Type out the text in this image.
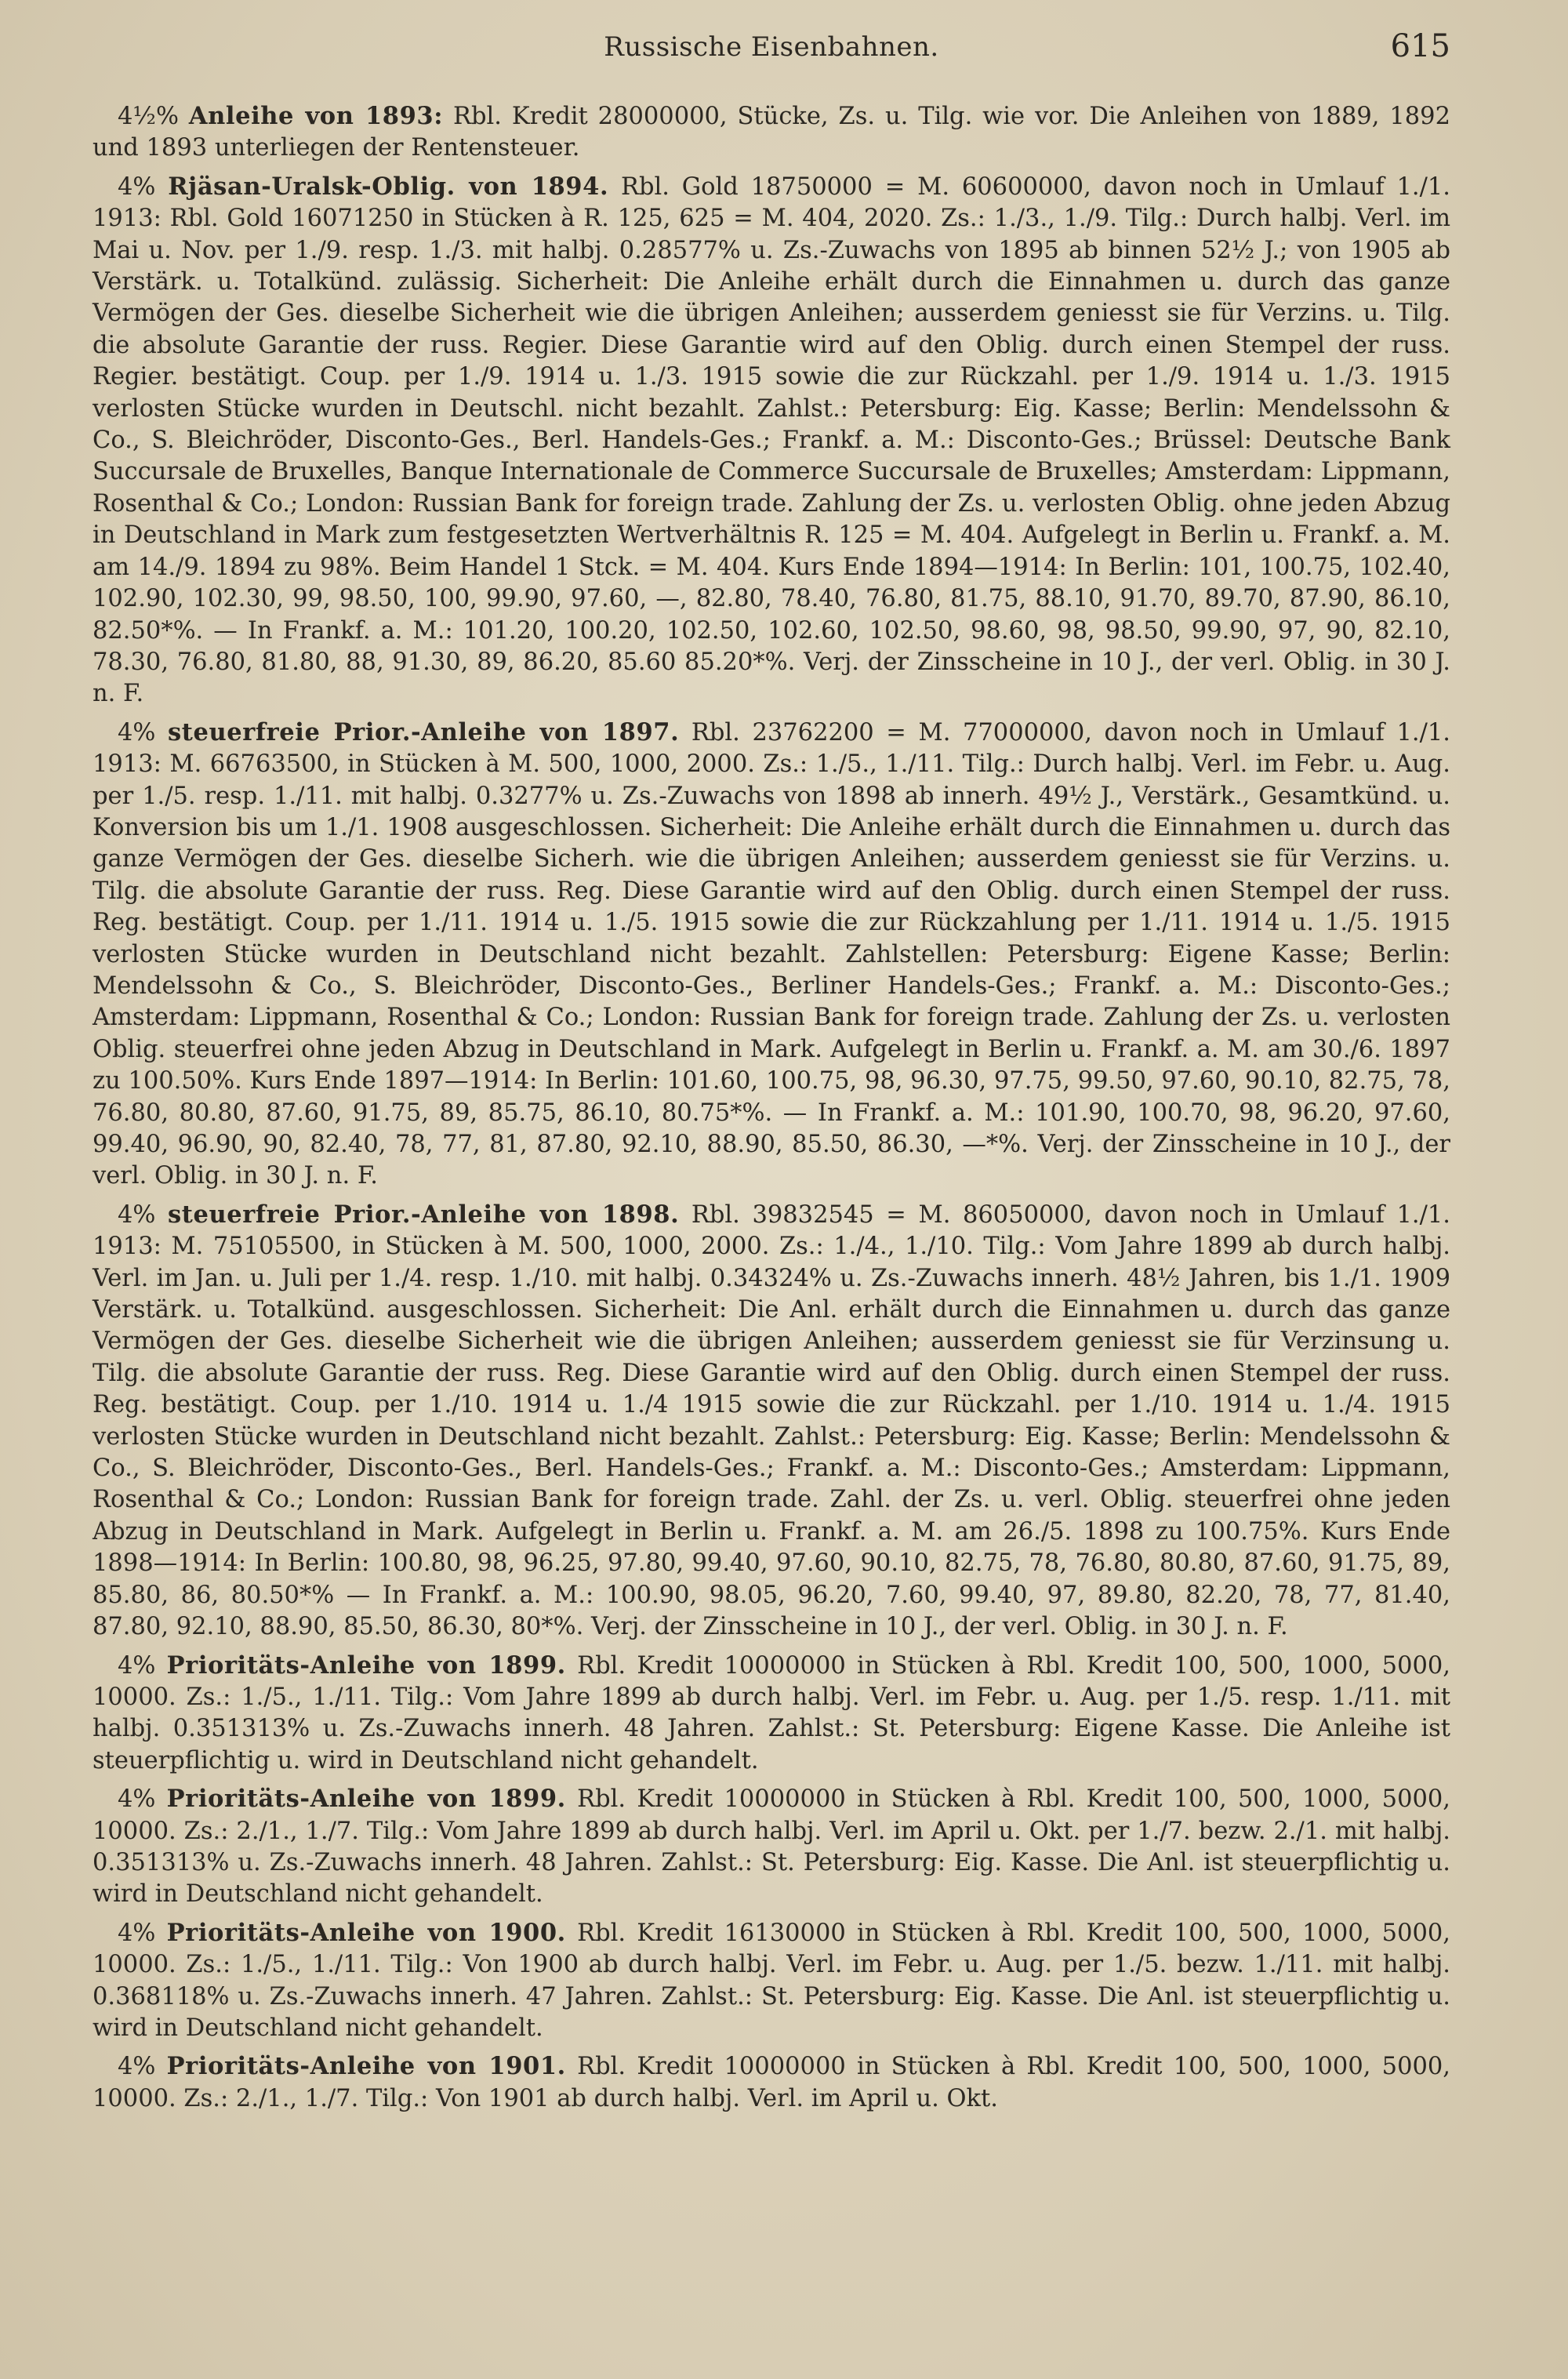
Russische Eisenbahnen.	615

4½% Anleihe von 1893: Rbl. Kredit 28000000, Stücke, Zs. u. Tilg. wie vor. Die Anleihen von 1889, 1892 und 1893 unterliegen der Rentensteuer.

4% Rjäsan-Uralsk-Oblig. von 1894. Rbl. Gold 18750000 = M. 60600000, davon noch in Umlauf 1./1. 1913: Rbl. Gold 16071250 in Stücken à R. 125, 625 = M. 404, 2020. Zs.: 1./3., 1./9. Tilg.: Durch halbj. Verl. im Mai u. Nov. per 1./9. resp. 1./3. mit halbj. 0.28577% u. Zs.-Zuwachs von 1895 ab binnen 52½ J.; von 1905 ab Verstärk. u. Totalkünd. zulässig. Sicherheit: Die Anleihe erhält durch die Einnahmen u. durch das ganze Vermögen der Ges. dieselbe Sicherheit wie die übrigen Anleihen; ausserdem geniesst sie für Verzins. u. Tilg. die absolute Garantie der russ. Regier. Diese Garantie wird auf den Oblig. durch einen Stempel der russ. Regier. bestätigt. Coup. per 1./9. 1914 u. 1./3. 1915 sowie die zur Rückzahl. per 1./9. 1914 u. 1./3. 1915 verlosten Stücke wurden in Deutschl. nicht bezahlt. Zahlst.: Petersburg: Eig. Kasse; Berlin: Mendelssohn & Co., S. Bleichröder, Disconto-Ges., Berl. Handels-Ges.; Frankf. a. M.: Disconto-Ges.; Brüssel: Deutsche Bank Succursale de Bruxelles, Banque Internationale de Commerce Succursale de Bruxelles; Amsterdam: Lippmann, Rosenthal & Co.; London: Russian Bank for foreign trade. Zahlung der Zs. u. verlosten Oblig. ohne jeden Abzug in Deutschland in Mark zum festgesetzten Wertverhältnis R. 125 = M. 404. Aufgelegt in Berlin u. Frankf. a. M. am 14./9. 1894 zu 98%. Beim Handel 1 Stck. = M. 404. Kurs Ende 1894—1914: In Berlin: 101, 100.75, 102.40, 102.90, 102.30, 99, 98.50, 100, 99.90, 97.60, —, 82.80, 78.40, 76.80, 81.75, 88.10, 91.70, 89.70, 87.90, 86.10, 82.50*%. — In Frankf. a. M.: 101.20, 100.20, 102.50, 102.60, 102.50, 98.60, 98, 98.50, 99.90, 97, 90, 82.10, 78.30, 76.80, 81.80, 88, 91.30, 89, 86.20, 85.60 85.20*%. Verj. der Zinsscheine in 10 J., der verl. Oblig. in 30 J. n. F.

4% steuerfreie Prior.-Anleihe von 1897. Rbl. 23762200 = M. 77000000, davon noch in Umlauf 1./1. 1913: M. 66763500, in Stücken à M. 500, 1000, 2000. Zs.: 1./5., 1./11. Tilg.: Durch halbj. Verl. im Febr. u. Aug. per 1./5. resp. 1./11. mit halbj. 0.3277% u. Zs.-Zuwachs von 1898 ab innerh. 49½ J., Verstärk., Gesamtkünd. u. Konversion bis um 1./1. 1908 ausgeschlossen. Sicherheit: Die Anleihe erhält durch die Einnahmen u. durch das ganze Vermögen der Ges. dieselbe Sicherh. wie die übrigen Anleihen; ausserdem geniesst sie für Verzins. u. Tilg. die absolute Garantie der russ. Reg. Diese Garantie wird auf den Oblig. durch einen Stempel der russ. Reg. bestätigt. Coup. per 1./11. 1914 u. 1./5. 1915 sowie die zur Rückzahlung per 1./11. 1914 u. 1./5. 1915 verlosten Stücke wurden in Deutschland nicht bezahlt. Zahlstellen: Petersburg: Eigene Kasse; Berlin: Mendelssohn & Co., S. Bleichröder, Disconto-Ges., Berliner Handels-Ges.; Frankf. a. M.: Disconto-Ges.; Amsterdam: Lippmann, Rosenthal & Co.; London: Russian Bank for foreign trade. Zahlung der Zs. u. verlosten Oblig. steuerfrei ohne jeden Abzug in Deutschland in Mark. Aufgelegt in Berlin u. Frankf. a. M. am 30./6. 1897 zu 100.50%. Kurs Ende 1897—1914: In Berlin: 101.60, 100.75, 98, 96.30, 97.75, 99.50, 97.60, 90.10, 82.75, 78, 76.80, 80.80, 87.60, 91.75, 89, 85.75, 86.10, 80.75*%. — In Frankf. a. M.: 101.90, 100.70, 98, 96.20, 97.60, 99.40, 96.90, 90, 82.40, 78, 77, 81, 87.80, 92.10, 88.90, 85.50, 86.30, —*%. Verj. der Zinsscheine in 10 J., der verl. Oblig. in 30 J. n. F.

4% steuerfreie Prior.-Anleihe von 1898. Rbl. 39832545 = M. 86050000, davon noch in Umlauf 1./1. 1913: M. 75105500, in Stücken à M. 500, 1000, 2000. Zs.: 1./4., 1./10. Tilg.: Vom Jahre 1899 ab durch halbj. Verl. im Jan. u. Juli per 1./4. resp. 1./10. mit halbj. 0.34324% u. Zs.-Zuwachs innerh. 48½ Jahren, bis 1./1. 1909 Verstärk. u. Totalkünd. ausgeschlossen. Sicherheit: Die Anl. erhält durch die Einnahmen u. durch das ganze Vermögen der Ges. dieselbe Sicherheit wie die übrigen Anleihen; ausserdem geniesst sie für Verzinsung u. Tilg. die absolute Garantie der russ. Reg. Diese Garantie wird auf den Oblig. durch einen Stempel der russ. Reg. bestätigt. Coup. per 1./10. 1914 u. 1./4 1915 sowie die zur Rückzahl. per 1./10. 1914 u. 1./4. 1915 verlosten Stücke wurden in Deutschland nicht bezahlt. Zahlst.: Petersburg: Eig. Kasse; Berlin: Mendelssohn & Co., S. Bleichröder, Disconto-Ges., Berl. Handels-Ges.; Frankf. a. M.: Disconto-Ges.; Amsterdam: Lippmann, Rosenthal & Co.; London: Russian Bank for foreign trade. Zahl. der Zs. u. verl. Oblig. steuerfrei ohne jeden Abzug in Deutschland in Mark. Aufgelegt in Berlin u. Frankf. a. M. am 26./5. 1898 zu 100.75%. Kurs Ende 1898—1914: In Berlin: 100.80, 98, 96.25, 97.80, 99.40, 97.60, 90.10, 82.75, 78, 76.80, 80.80, 87.60, 91.75, 89, 85.80, 86, 80.50*% — In Frankf. a. M.: 100.90, 98.05, 96.20, 7.60, 99.40, 97, 89.80, 82.20, 78, 77, 81.40, 87.80, 92.10, 88.90, 85.50, 86.30, 80*%. Verj. der Zinsscheine in 10 J., der verl. Oblig. in 30 J. n. F.

4% Prioritäts-Anleihe von 1899. Rbl. Kredit 10000000 in Stücken à Rbl. Kredit 100, 500, 1000, 5000, 10000. Zs.: 1./5., 1./11. Tilg.: Vom Jahre 1899 ab durch halbj. Verl. im Febr. u. Aug. per 1./5. resp. 1./11. mit halbj. 0.351313% u. Zs.-Zuwachs innerh. 48 Jahren. Zahlst.: St. Petersburg: Eigene Kasse. Die Anleihe ist steuerpflichtig u. wird in Deutschland nicht gehandelt.

4% Prioritäts-Anleihe von 1899. Rbl. Kredit 10000000 in Stücken à Rbl. Kredit 100, 500, 1000, 5000, 10000. Zs.: 2./1., 1./7. Tilg.: Vom Jahre 1899 ab durch halbj. Verl. im April u. Okt. per 1./7. bezw. 2./1. mit halbj. 0.351313% u. Zs.-Zuwachs innerh. 48 Jahren. Zahlst.: St. Petersburg: Eig. Kasse. Die Anl. ist steuerpflichtig u. wird in Deutschland nicht gehandelt.

4% Prioritäts-Anleihe von 1900. Rbl. Kredit 16130000 in Stücken à Rbl. Kredit 100, 500, 1000, 5000, 10000. Zs.: 1./5., 1./11. Tilg.: Von 1900 ab durch halbj. Verl. im Febr. u. Aug. per 1./5. bezw. 1./11. mit halbj. 0.368118% u. Zs.-Zuwachs innerh. 47 Jahren. Zahlst.: St. Petersburg: Eig. Kasse. Die Anl. ist steuerpflichtig u. wird in Deutschland nicht gehandelt.

4% Prioritäts-Anleihe von 1901. Rbl. Kredit 10000000 in Stücken à Rbl. Kredit 100, 500, 1000, 5000, 10000. Zs.: 2./1., 1./7. Tilg.: Von 1901 ab durch halbj. Verl. im April u. Okt.
